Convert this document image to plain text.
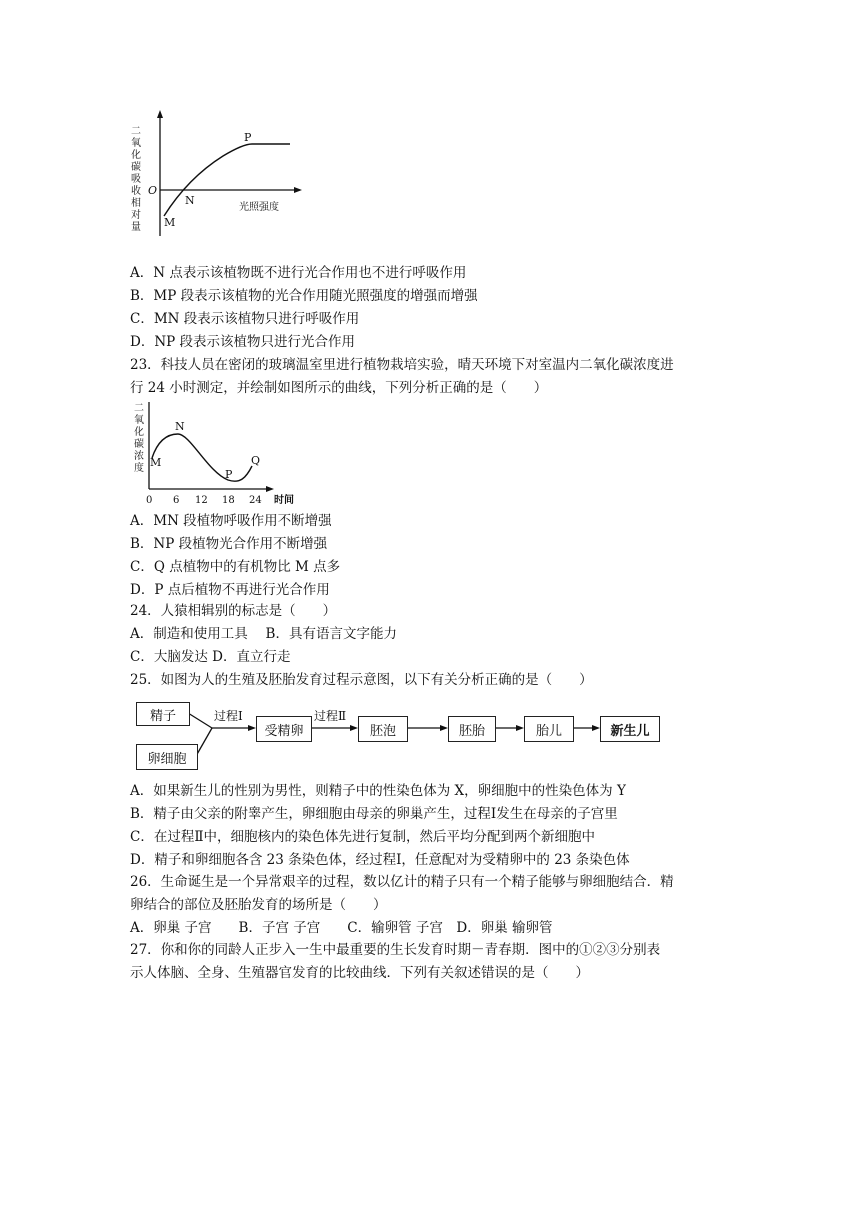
二
氧
化
碳
吸
收
相
对
量
O
M
N
P
光照强度
A．N 点表示该植物既不进行光合作用也不进行呼吸作用
B．MP 段表示该植物的光合作用随光照强度的增强而增强
C．MN 段表示该植物只进行呼吸作用
D．NP 段表示该植物只进行光合作用
23．科技人员在密闭的玻璃温室里进行植物栽培实验，晴天环境下对室温内二氧化碳浓度进
行 24 小时测定，并绘制如图所示的曲线，下列分析正确的是（　　）
二
氧
化
碳
浓
度 M
N
P
Q
0 6 12 18 24 时间
A．MN 段植物呼吸作用不断增强
B．NP 段植物光合作用不断增强
C．Q 点植物中的有机物比 M 点多
D．P 点后植物不再进行光合作用
24．人猿相辑别的标志是（　　）
A．制造和使用工具　 B．具有语言文字能力
C．大脑发达 D．直立行走
25．如图为人的生殖及胚胎发育过程示意图，以下有关分析正确的是（　　）
过程Ⅰ	过程Ⅱ
精子
卵细胞
受精卵	胚泡	胚胎	胎儿	新生儿
A．如果新生儿的性别为男性，则精子中的性染色体为 X，卵细胞中的性染色体为 Y
B．精子由父亲的附睾产生，卵细胞由母亲的卵巢产生，过程Ⅰ发生在母亲的子宫里
C．在过程Ⅱ中，细胞核内的染色体先进行复制，然后平均分配到两个新细胞中
D．精子和卵细胞各含 23 条染色体，经过程Ⅰ，任意配对为受精卵中的 23 条染色体
26．生命诞生是一个异常艰辛的过程，数以亿计的精子只有一个精子能够与卵细胞结合．精
卵结合的部位及胚胎发育的场所是（　　）
A．卵巢 子宫　　B．子宫 子宫　　C．输卵管 子宫　D．卵巢 输卵管
27．你和你的同龄人正步入一生中最重要的生长发育时期－青春期．图中的①②③分别表
示人体脑、全身、生殖器官发育的比较曲线．下列有关叙述错误的是（　　）
